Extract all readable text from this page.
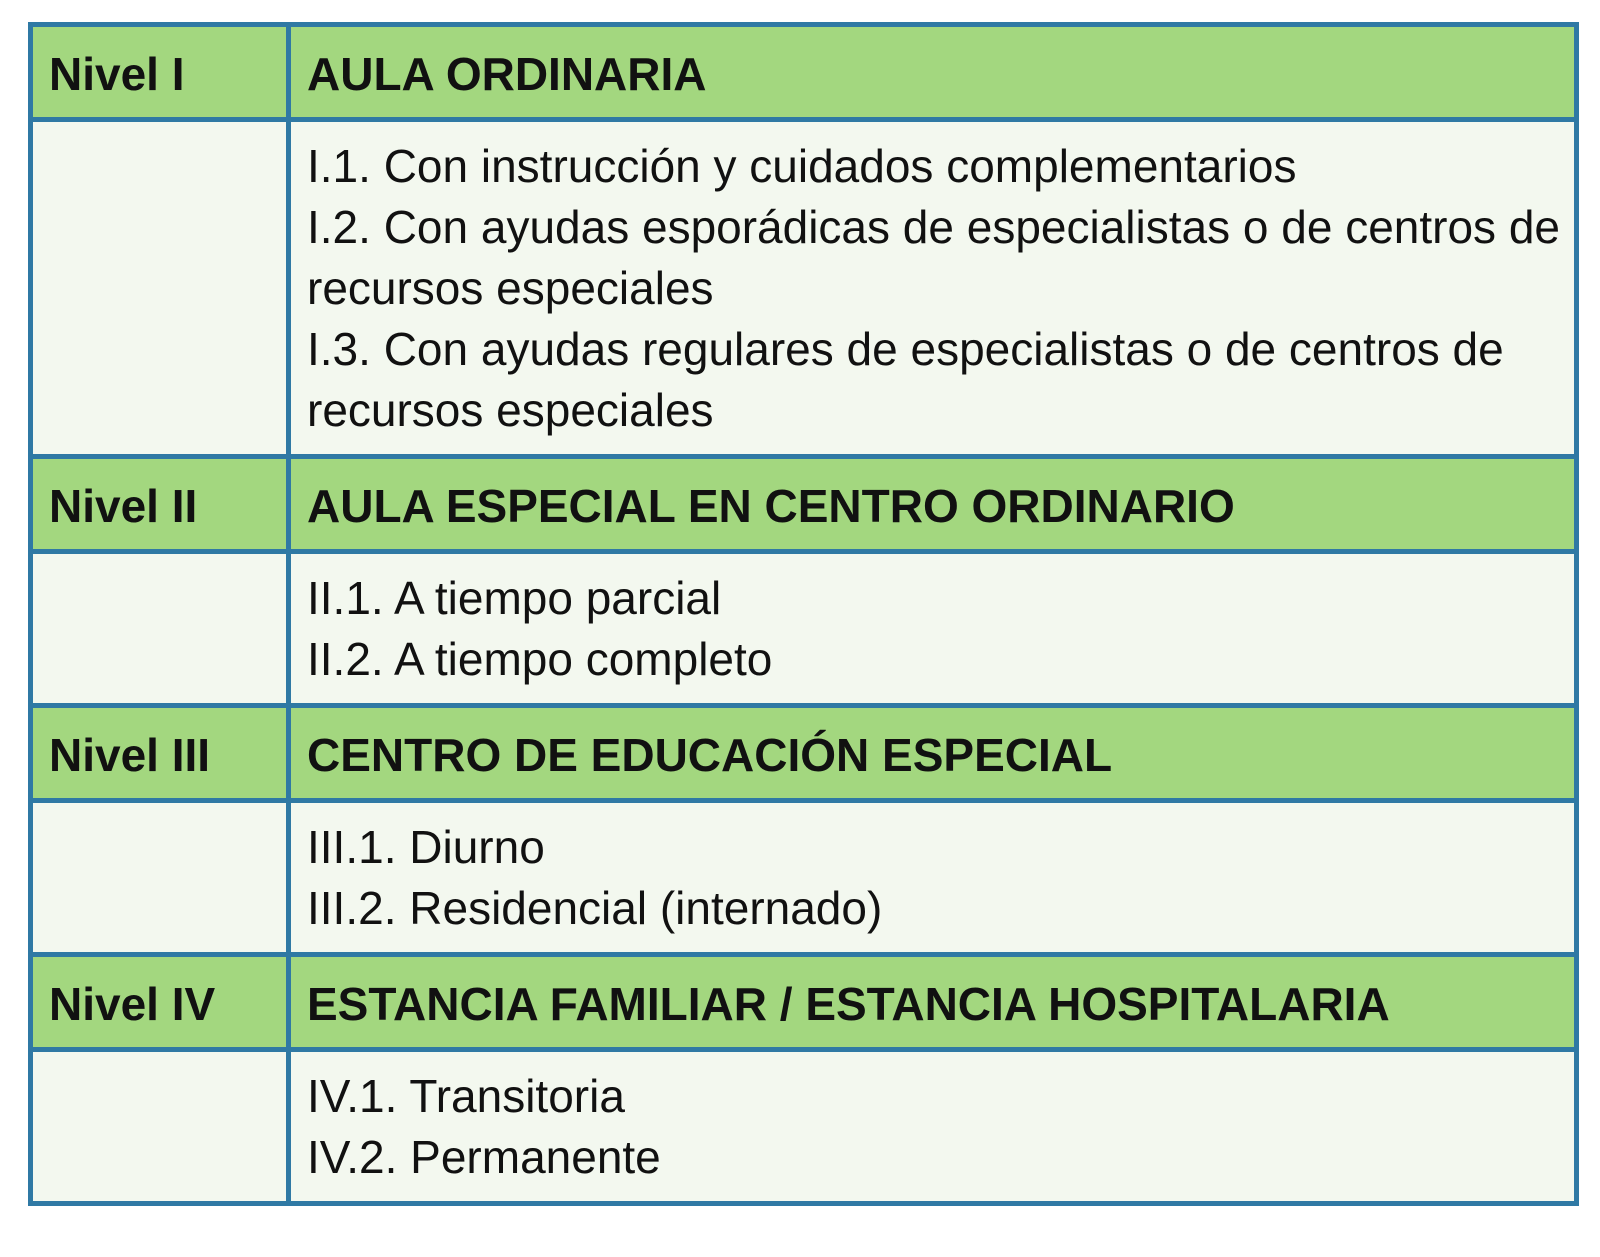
Nivel I	AULA ORDINARIA

	I.1. Con instrucción y cuidados complementarios
I.2. Con ayudas esporádicas de especialistas o de centros de recursos especiales
I.3. Con ayudas regulares de especialistas o de centros de recursos especiales

Nivel II	AULA ESPECIAL EN CENTRO ORDINARIO

	II.1. A tiempo parcial
II.2. A tiempo completo

Nivel III	CENTRO DE EDUCACIÓN ESPECIAL

	III.1. Diurno
III.2. Residencial (internado)

Nivel IV	ESTANCIA FAMILIAR / ESTANCIA HOSPITALARIA

	IV.1. Transitoria
IV.2. Permanente
